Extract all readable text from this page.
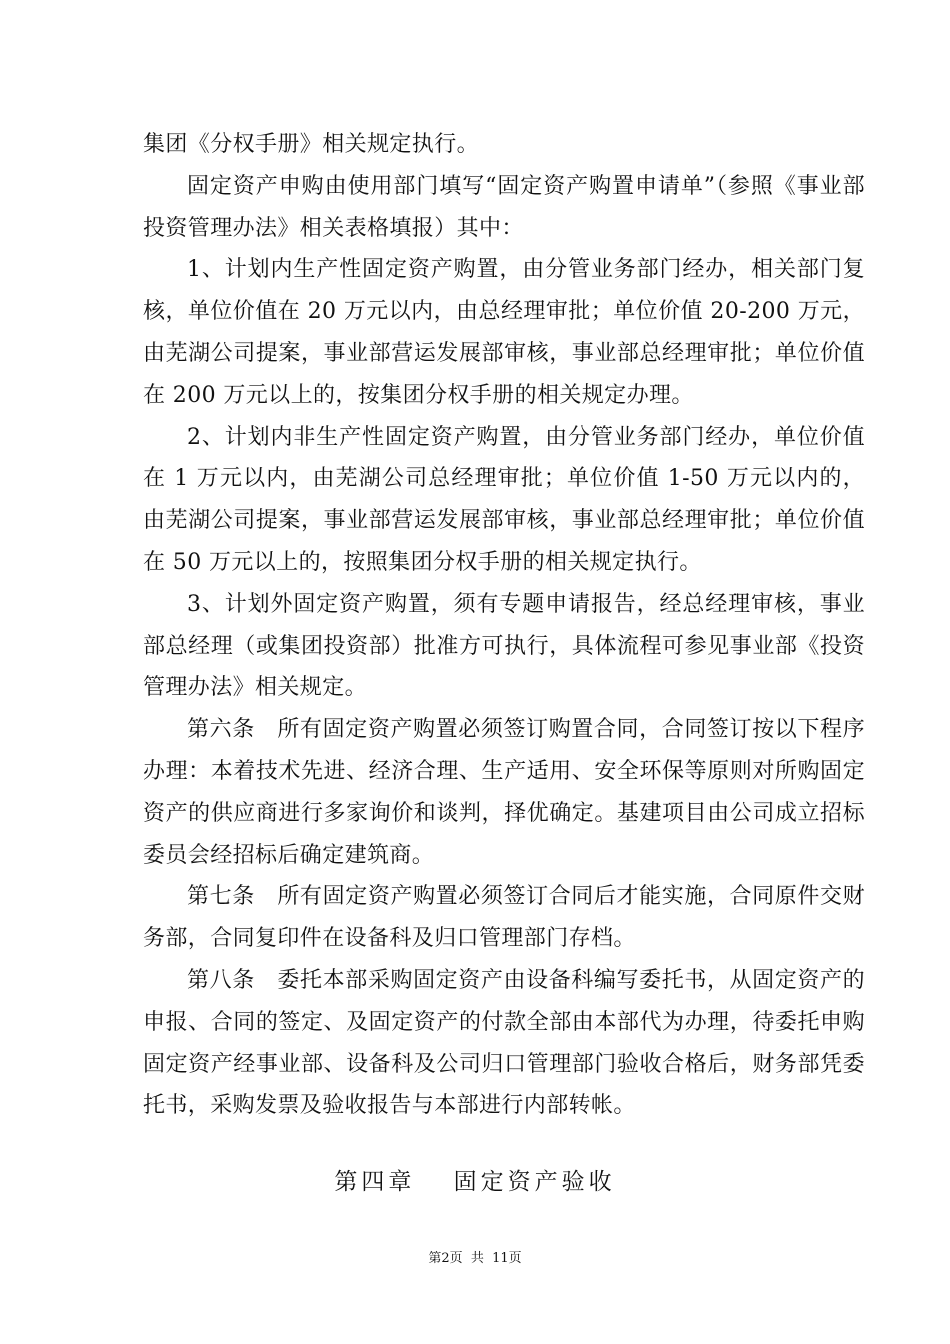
集团《分权手册》相关规定执行。

固定资产申购由使用部门填写“固定资产购置申请单”（参照《事业部投资管理办法》相关表格填报）其中：

1、计划内生产性固定资产购置，由分管业务部门经办，相关部门复核，单位价值在 20 万元以内，由总经理审批；单位价值 20-200 万元，由芜湖公司提案，事业部营运发展部审核，事业部总经理审批；单位价值在 200 万元以上的，按集团分权手册的相关规定办理。

2、计划内非生产性固定资产购置，由分管业务部门经办，单位价值在 1 万元以内，由芜湖公司总经理审批；单位价值 1-50 万元以内的，由芜湖公司提案，事业部营运发展部审核，事业部总经理审批；单位价值在 50 万元以上的，按照集团分权手册的相关规定执行。

3、计划外固定资产购置，须有专题申请报告，经总经理审核，事业部总经理（或集团投资部）批准方可执行，具体流程可参见事业部《投资管理办法》相关规定。

第六条　所有固定资产购置必须签订购置合同，合同签订按以下程序办理：本着技术先进、经济合理、生产适用、安全环保等原则对所购固定资产的供应商进行多家询价和谈判，择优确定。基建项目由公司成立招标委员会经招标后确定建筑商。

第七条　所有固定资产购置必须签订合同后才能实施，合同原件交财务部，合同复印件在设备科及归口管理部门存档。

第八条　委托本部采购固定资产由设备科编写委托书，从固定资产的申报、合同的签定、及固定资产的付款全部由本部代为办理，待委托申购固定资产经事业部、设备科及公司归口管理部门验收合格后，财务部凭委托书，采购发票及验收报告与本部进行内部转帐。

第四章　 固定资产验收
第2页  共  11页
